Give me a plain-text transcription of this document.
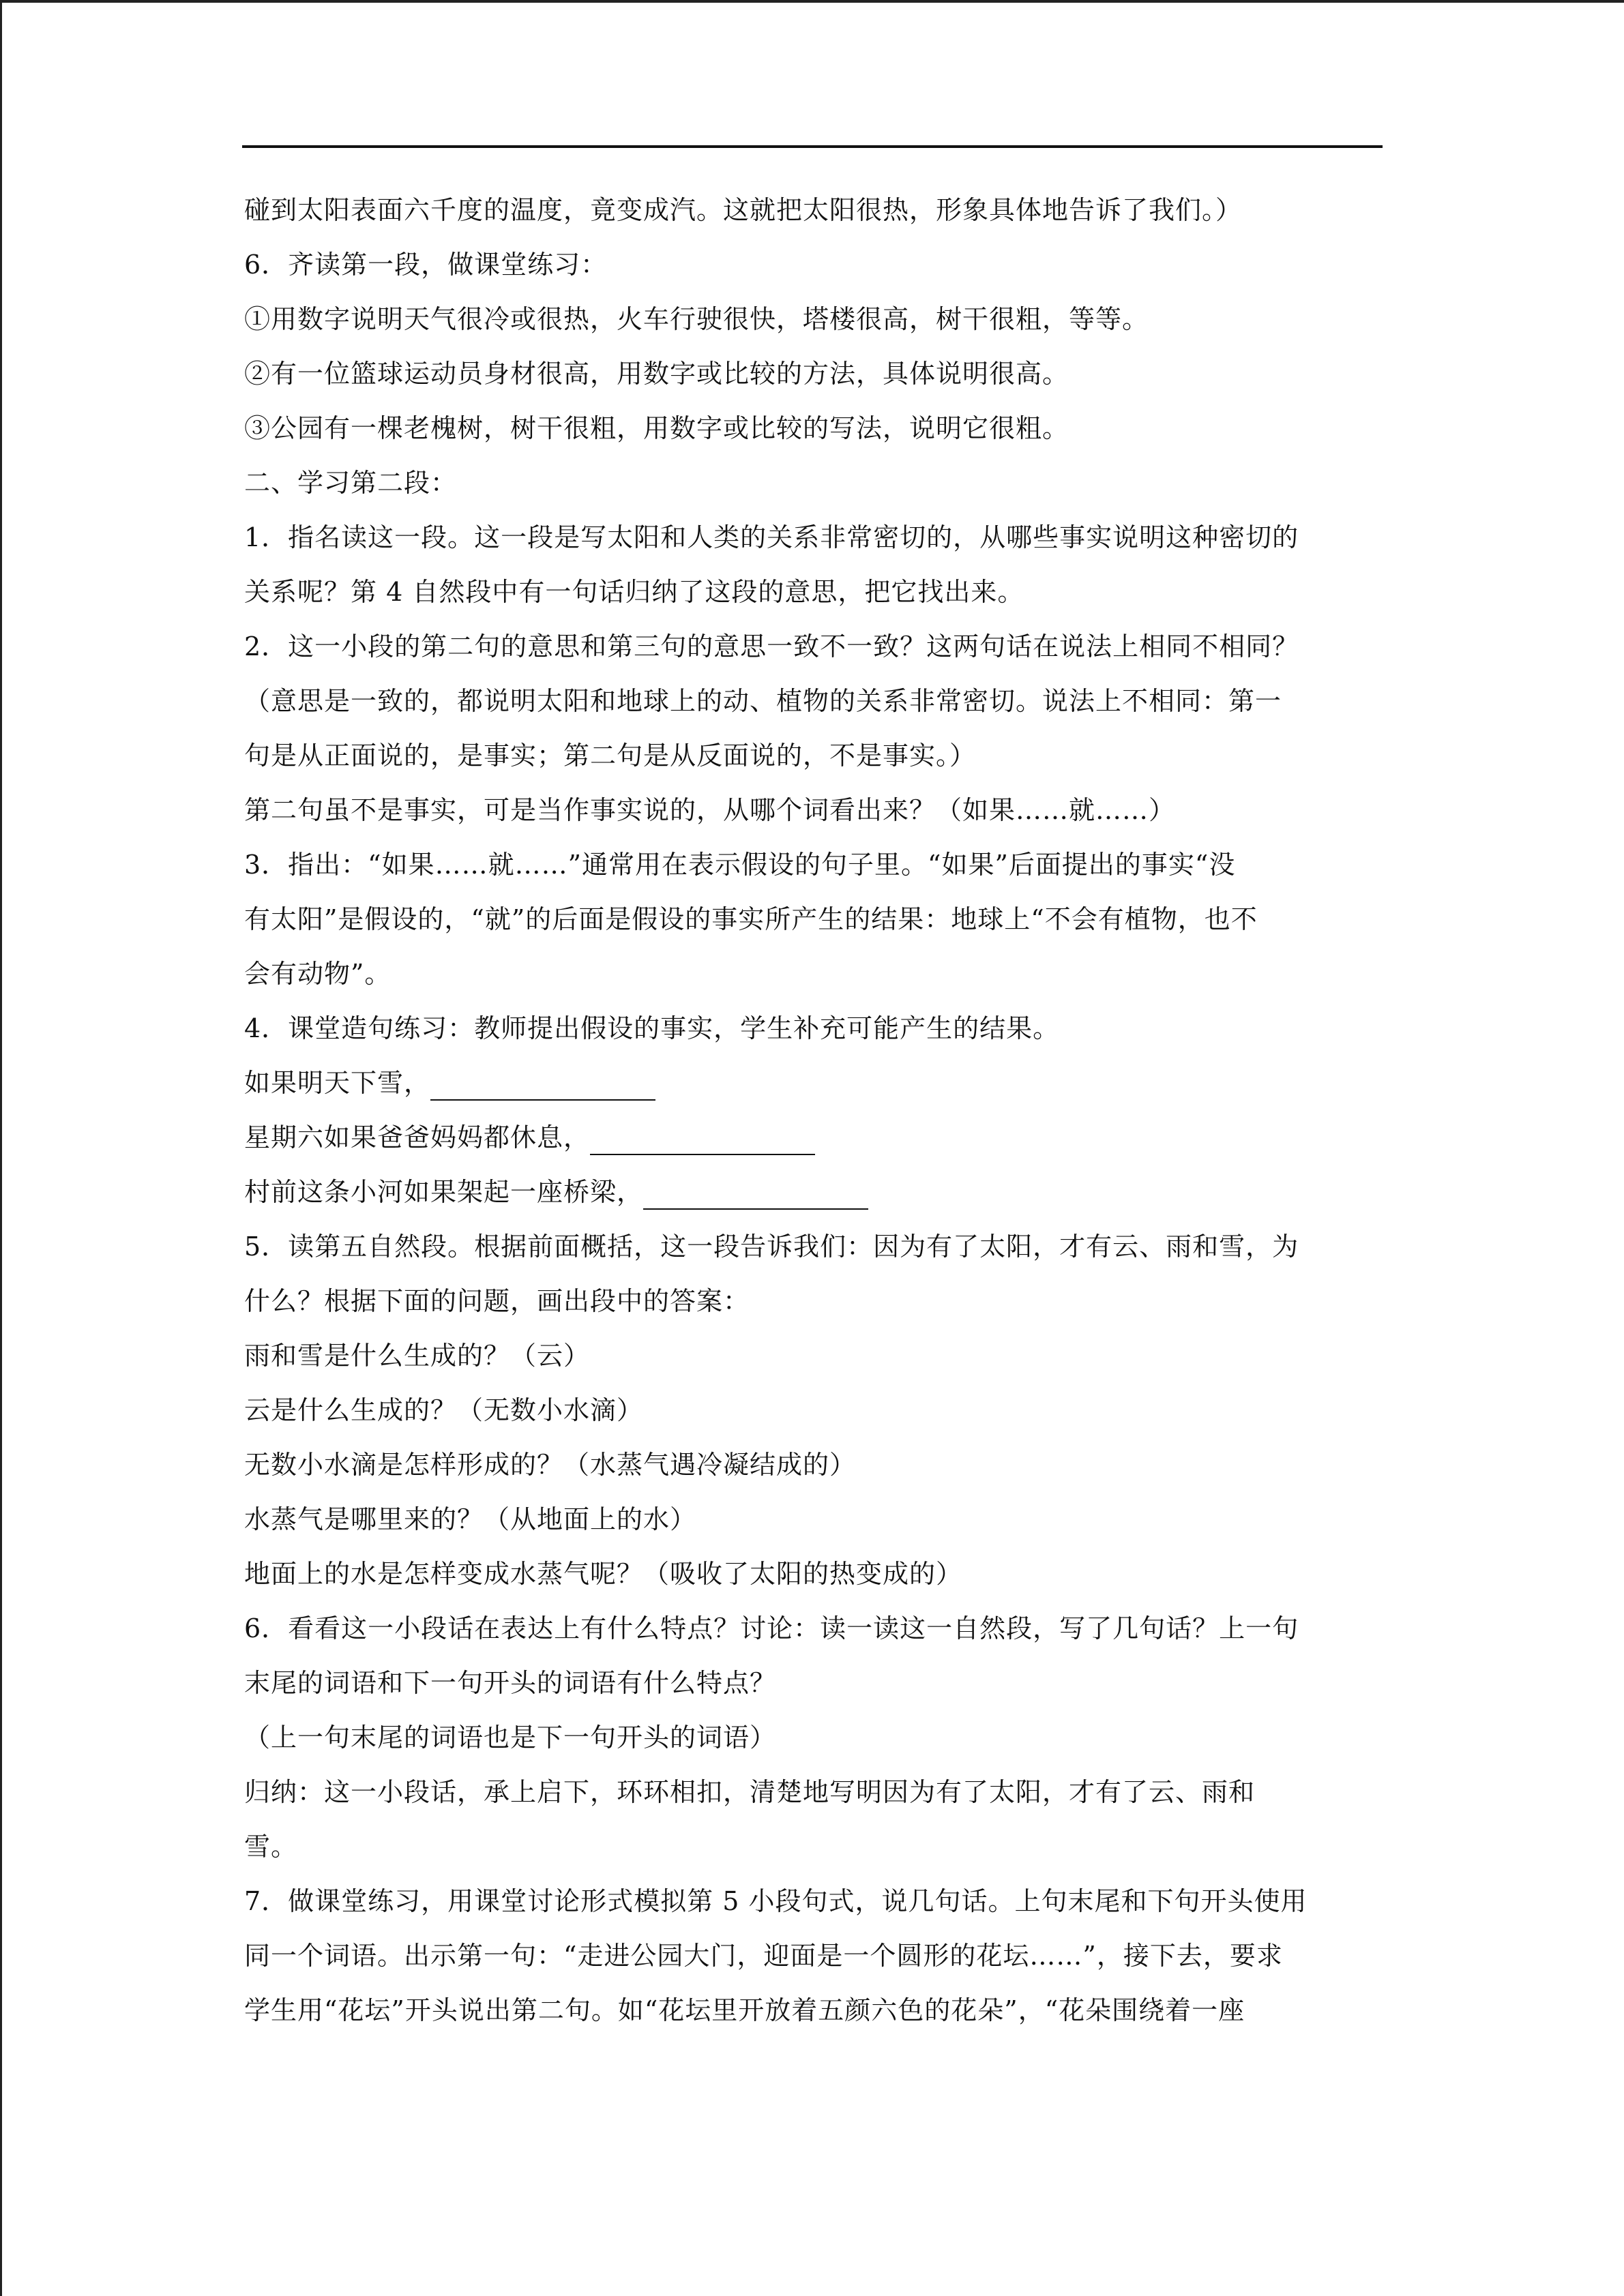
碰到太阳表面六千度的温度，竟变成汽。这就把太阳很热，形象具体地告诉了我们。）
6．齐读第一段，做课堂练习：
①用数字说明天气很冷或很热，火车行驶很快，塔楼很高，树干很粗，等等。
②有一位篮球运动员身材很高，用数字或比较的方法，具体说明很高。
③公园有一棵老槐树，树干很粗，用数字或比较的写法，说明它很粗。
二、学习第二段：
1．指名读这一段。这一段是写太阳和人类的关系非常密切的，从哪些事实说明这种密切的
关系呢？第 4 自然段中有一句话归纳了这段的意思，把它找出来。
2．这一小段的第二句的意思和第三句的意思一致不一致？这两句话在说法上相同不相同？
（意思是一致的，都说明太阳和地球上的动、植物的关系非常密切。说法上不相同：第一
句是从正面说的，是事实；第二句是从反面说的，不是事实。）
第二句虽不是事实，可是当作事实说的，从哪个词看出来？（如果……就……）
3．指出：“如果……就……”通常用在表示假设的句子里。“如果”后面提出的事实“没
有太阳”是假设的，“就”的后面是假设的事实所产生的结果：地球上“不会有植物，也不
会有动物”。
4．课堂造句练习：教师提出假设的事实，学生补充可能产生的结果。
如果明天下雪，
星期六如果爸爸妈妈都休息，
村前这条小河如果架起一座桥梁，
5．读第五自然段。根据前面概括，这一段告诉我们：因为有了太阳，才有云、雨和雪，为
什么？根据下面的问题，画出段中的答案：
雨和雪是什么生成的？（云）
云是什么生成的？（无数小水滴）
无数小水滴是怎样形成的？（水蒸气遇冷凝结成的）
水蒸气是哪里来的？（从地面上的水）
地面上的水是怎样变成水蒸气呢？（吸收了太阳的热变成的）
6．看看这一小段话在表达上有什么特点？讨论：读一读这一自然段，写了几句话？上一句
末尾的词语和下一句开头的词语有什么特点？
（上一句末尾的词语也是下一句开头的词语）
归纳：这一小段话，承上启下，环环相扣，清楚地写明因为有了太阳，才有了云、雨和
雪。
7．做课堂练习，用课堂讨论形式模拟第 5 小段句式，说几句话。上句末尾和下句开头使用
同一个词语。出示第一句：“走进公园大门，迎面是一个圆形的花坛……”，接下去，要求
学生用“花坛”开头说出第二句。如“花坛里开放着五颜六色的花朵”，“花朵围绕着一座
